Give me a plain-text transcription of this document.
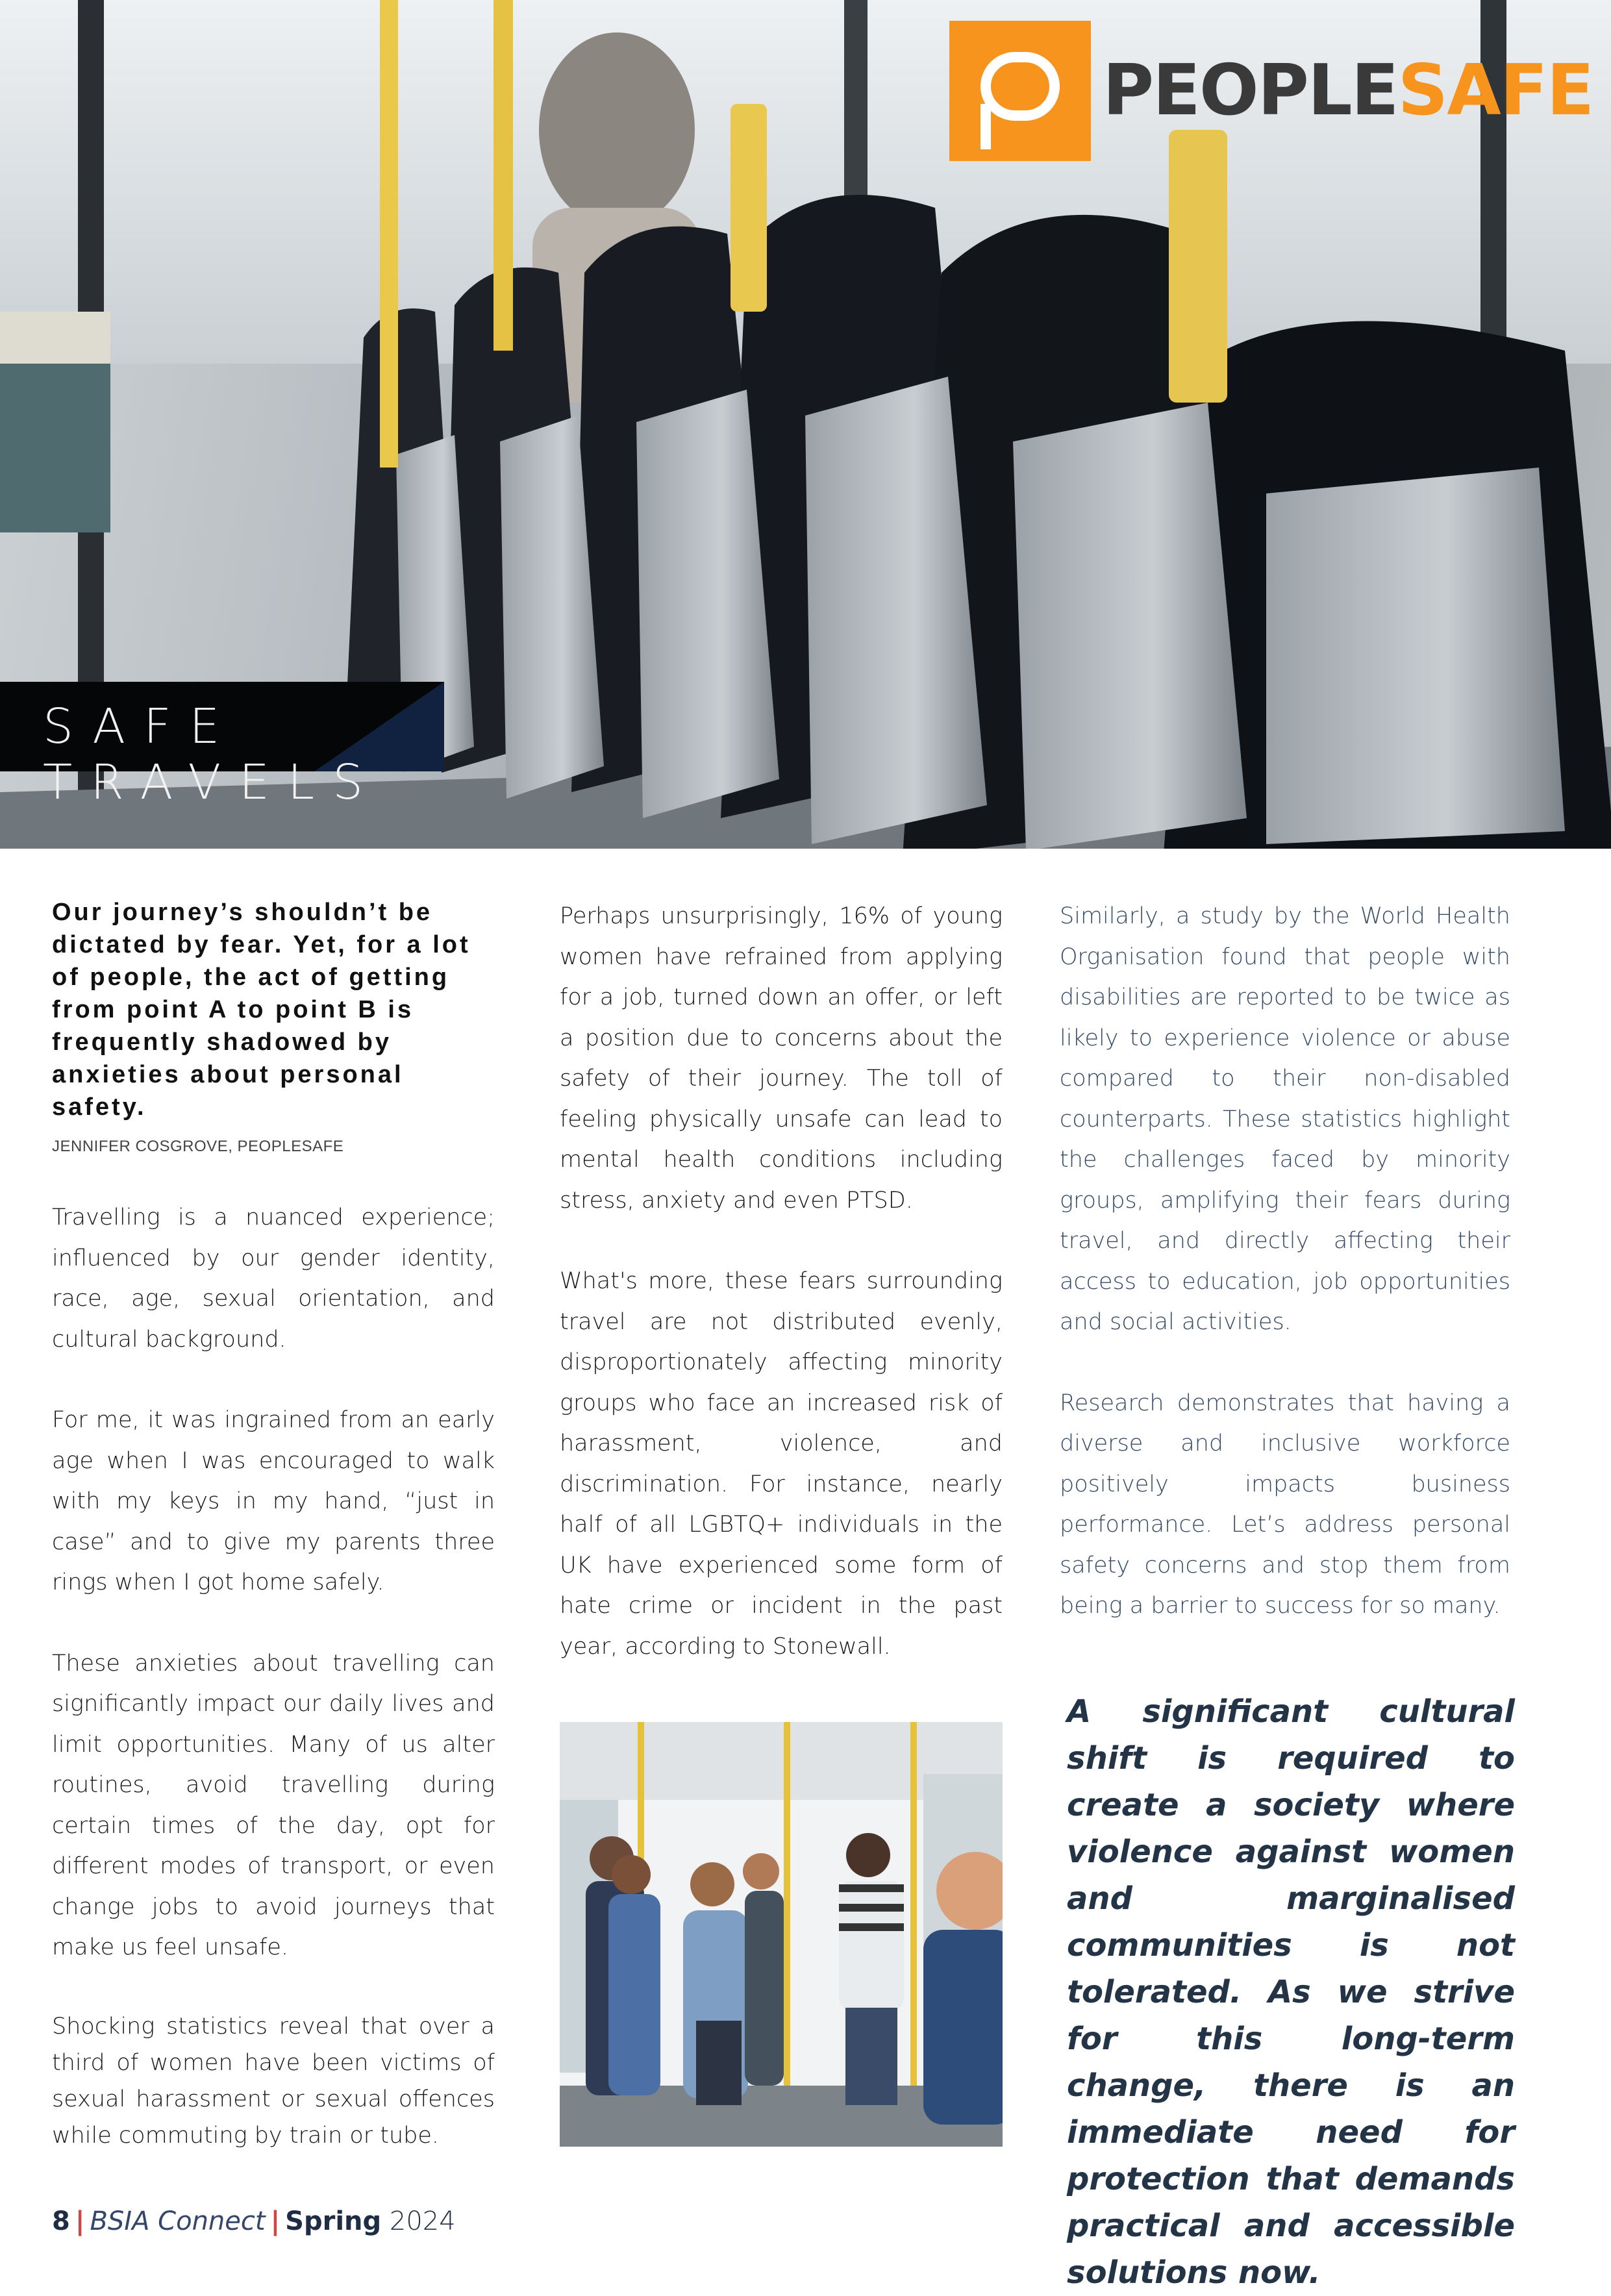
SAFE TRAVELS
PEOPLESAFE

Our journey’s shouldn’t be dictated by fear. Yet, for a lot of people, the act of getting from point A to point B is frequently shadowed by anxieties about personal safety.

JENNIFER COSGROVE, PEOPLESAFE

Travelling is a nuanced experience; influenced by our gender identity, race, age, sexual orientation, and cultural background.

For me, it was ingrained from an early age when I was encouraged to walk with my keys in my hand, “just in case” and to give my parents three rings when I got home safely.

These anxieties about travelling can significantly impact our daily lives and limit opportunities. Many of us alter routines, avoid travelling during certain times of the day, opt for different modes of transport, or even change jobs to avoid journeys that make us feel unsafe.

Shocking statistics reveal that over a third of women have been victims of sexual harassment or sexual offences while commuting by train or tube.

Perhaps unsurprisingly, 16% of young women have refrained from applying for a job, turned down an offer, or left a position due to concerns about the safety of their journey. The toll of feeling physically unsafe can lead to mental health conditions including stress, anxiety and even PTSD.

What's more, these fears surrounding travel are not distributed evenly, disproportionately affecting minority groups who face an increased risk of harassment, violence, and discrimination. For instance, nearly half of all LGBTQ+ individuals in the UK have experienced some form of hate crime or incident in the past year, according to Stonewall.

Similarly, a study by the World Health Organisation found that people with disabilities are reported to be twice as likely to experience violence or abuse compared to their non-disabled counterparts. These statistics highlight the challenges faced by minority groups, amplifying their fears during travel, and directly affecting their access to education, job opportunities and social activities.

Research demonstrates that having a diverse and inclusive workforce positively impacts business performance. Let’s address personal safety concerns and stop them from being a barrier to success for so many.

A significant cultural shift is required to create a society where violence against women and marginalised communities is not tolerated. As we strive for this long-term change, there is an immediate need for protection that demands practical and accessible solutions now.
8 | BSIA Connect | Spring 2024
